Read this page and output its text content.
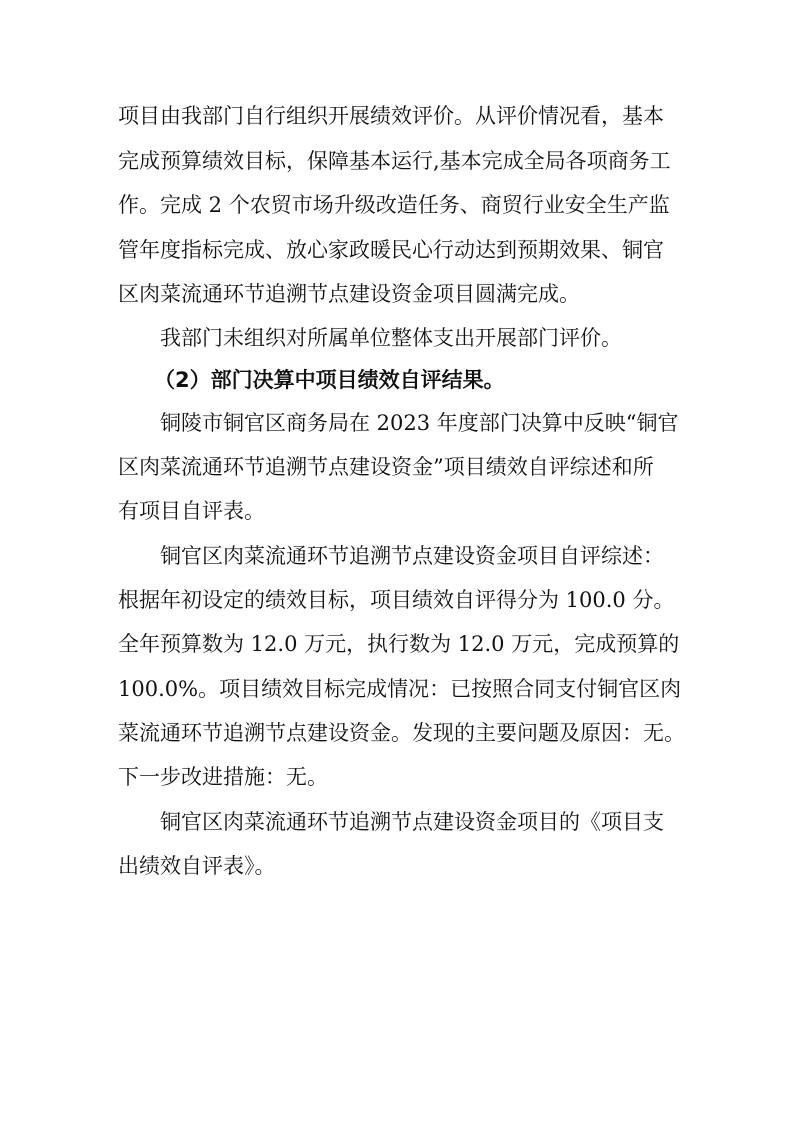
项目由我部门自行组织开展绩效评价。从评价情况看，基本
完成预算绩效目标，保障基本运行,基本完成全局各项商务工
作。完成 2 个农贸市场升级改造任务、商贸行业安全生产监
管年度指标完成、放心家政暖民心行动达到预期效果、铜官
区肉菜流通环节追溯节点建设资金项目圆满完成。
我部门未组织对所属单位整体支出开展部门评价。
（2）部门决算中项目绩效自评结果。
铜陵市铜官区商务局在 2023 年度部门决算中反映“铜官
区肉菜流通环节追溯节点建设资金”项目绩效自评综述和所
有项目自评表。
铜官区肉菜流通环节追溯节点建设资金项目自评综述：
根据年初设定的绩效目标，项目绩效自评得分为 100.0 分。
全年预算数为 12.0 万元，执行数为 12.0 万元，完成预算的
100.0%。项目绩效目标完成情况：已按照合同支付铜官区肉
菜流通环节追溯节点建设资金。发现的主要问题及原因：无。
下一步改进措施：无。
铜官区肉菜流通环节追溯节点建设资金项目的《项目支
出绩效自评表》。
